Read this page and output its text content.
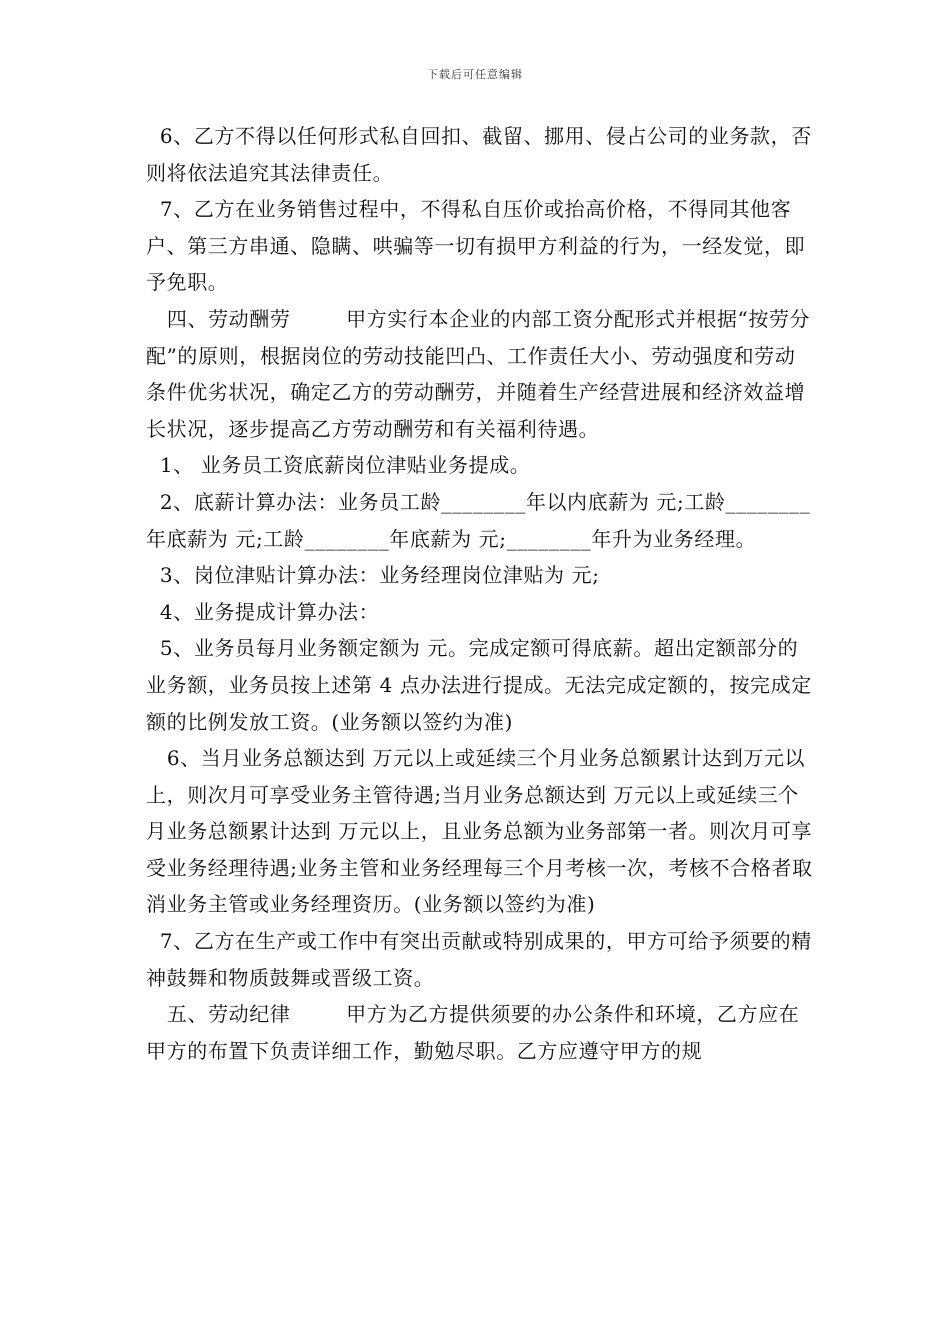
下载后可任意编辑

6、乙方不得以任何形式私自回扣、截留、挪用、侵占公司的业务款，否则将依法追究其法律责任。

7、乙方在业务销售过程中，不得私自压价或抬高价格，不得同其他客户、第三方串通、隐瞒、哄骗等一切有损甲方利益的行为，一经发觉，即予免职。

四、劳动酬劳        甲方实行本企业的内部工资分配形式并根据“按劳分配”的原则，根据岗位的劳动技能凹凸、工作责任大小、劳动强度和劳动条件优劣状况，确定乙方的劳动酬劳，并随着生产经营进展和经济效益增长状况，逐步提高乙方劳动酬劳和有关福利待遇。

1、 业务员工资底薪岗位津贴业务提成。

2、底薪计算办法：业务员工龄________年以内底薪为 元;工龄________年底薪为 元;工龄________年底薪为 元;________年升为业务经理。

3、岗位津贴计算办法：业务经理岗位津贴为 元;

4、业务提成计算办法：

5、业务员每月业务额定额为 元。完成定额可得底薪。超出定额部分的业务额，业务员按上述第 4 点办法进行提成。无法完成定额的，按完成定额的比例发放工资。(业务额以签约为准)

6、当月业务总额达到 万元以上或延续三个月业务总额累计达到万元以上，则次月可享受业务主管待遇;当月业务总额达到 万元以上或延续三个月业务总额累计达到 万元以上，且业务总额为业务部第一者。则次月可享受业务经理待遇;业务主管和业务经理每三个月考核一次，考核不合格者取消业务主管或业务经理资历。(业务额以签约为准)

7、乙方在生产或工作中有突出贡献或特别成果的，甲方可给予须要的精神鼓舞和物质鼓舞或晋级工资。

五、劳动纪律        甲方为乙方提供须要的办公条件和环境，乙方应在甲方的布置下负责详细工作，勤勉尽职。乙方应遵守甲方的规
